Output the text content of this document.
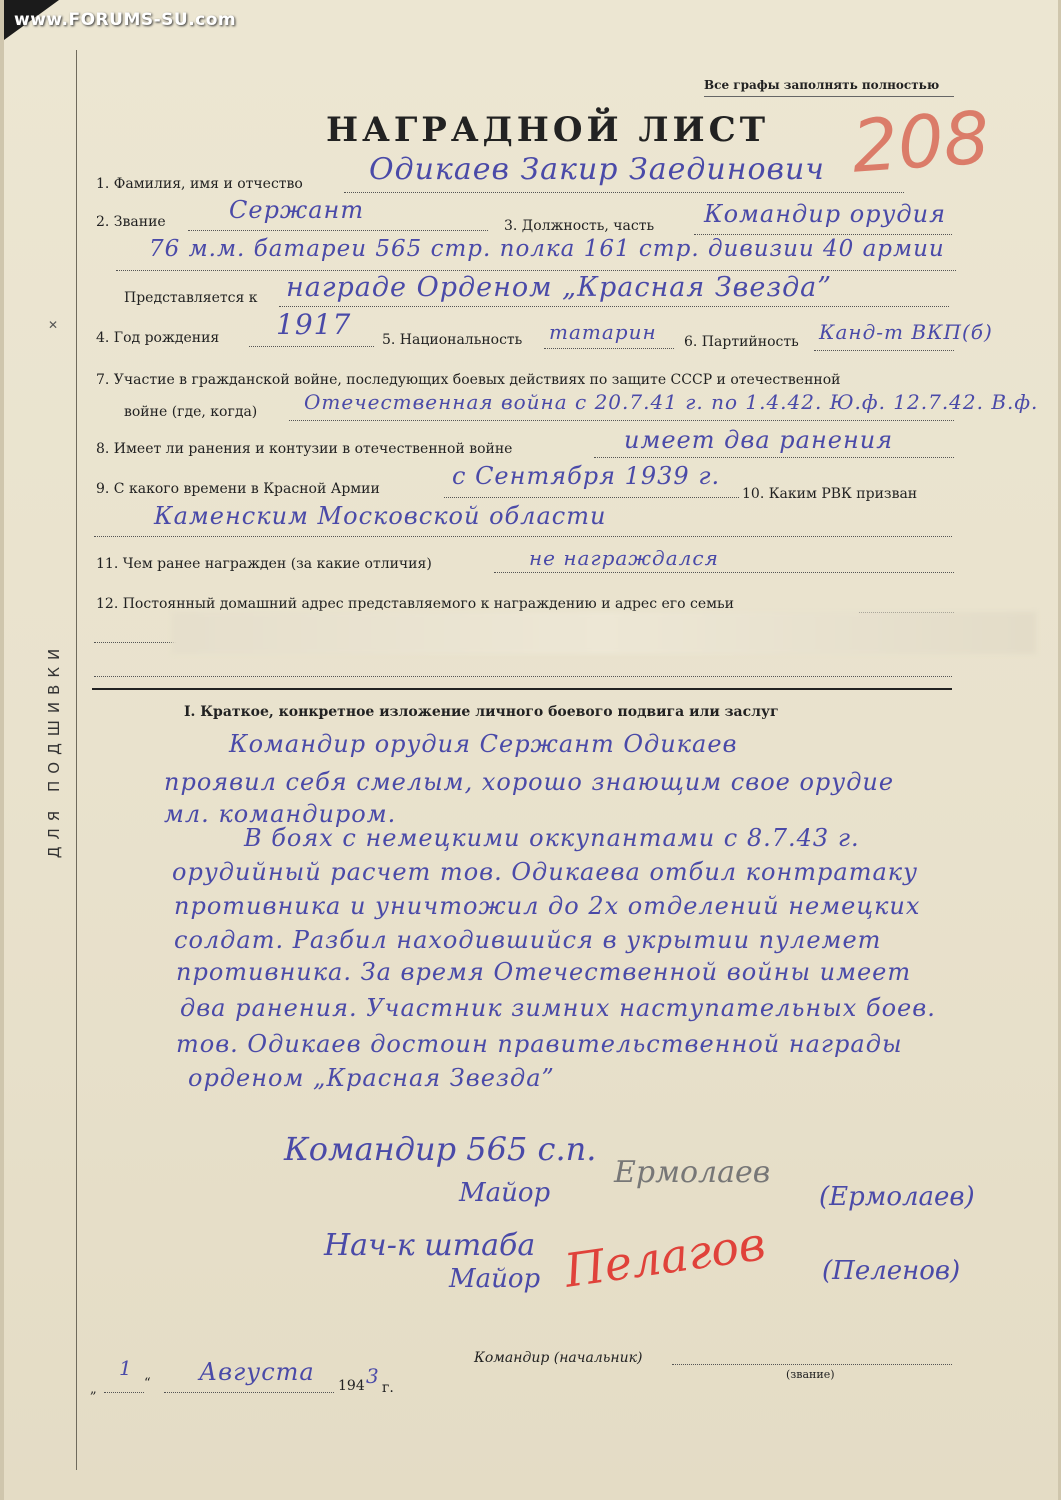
www.FORUMS-SU.com
ДЛЯ ПОДШИВКИ
✕
Все графы заполнять полностью
НАГРАДНОЙ ЛИСТ 208
1. Фамилия, имя и отчество Одикаев Закир Заединович
2. Звание	Сержант
3. Должность, часть Командир орудия
76 м.м. батареи 565 стр. полка 161 стр. дивизии 40 армии
Представляется к награде Орденом „Красная Звезда”
4. Год рождения 1917 5. Национальность татарин 6. Партийность Канд-т ВКП(б)
7. Участие в гражданской войне, последующих боевых действиях по защите СССР и отечественной
войне (где, когда) Отечественная война с 20.7.41 г. по 1.4.42. Ю.ф. 12.7.42. В.ф.
8. Имеет ли ранения и контузии в отечественной войне	имеет два ранения
9. С какого времени в Красной Армии	с Сентября 1939 г.
10. Каким РВК призван
Каменским Московской области
11. Чем ранее награжден (за какие отличия)	не награждался
12. Постоянный домашний адрес представляемого к награждению и адрес его семьи
I. Краткое, конкретное изложение личного боевого подвига или заслуг
Командир орудия Сержант Одикаев
проявил себя смелым, хорошо знающим свое орудие
мл. командиром.
В боях с немецкими оккупантами с 8.7.43 г.
орудийный расчет тов. Одикаева отбил контратаку
противника и уничтожил до 2х отделений немецких
солдат. Разбил находившийся в укрытии пулемет
противника. За время Отечественной войны имеет
два ранения. Участник зимних наступательных боев.
тов. Одикаев достоин правительственной награды
орденом „Красная Звезда”
Командир 565 с.п.
Майор
Ермолаев
(Ермолаев)
Нач-к штаба
Майор Пелагов (Пеленов)
Командир (начальник)
(звание)
„
1
“ Августа 194 3 г.
